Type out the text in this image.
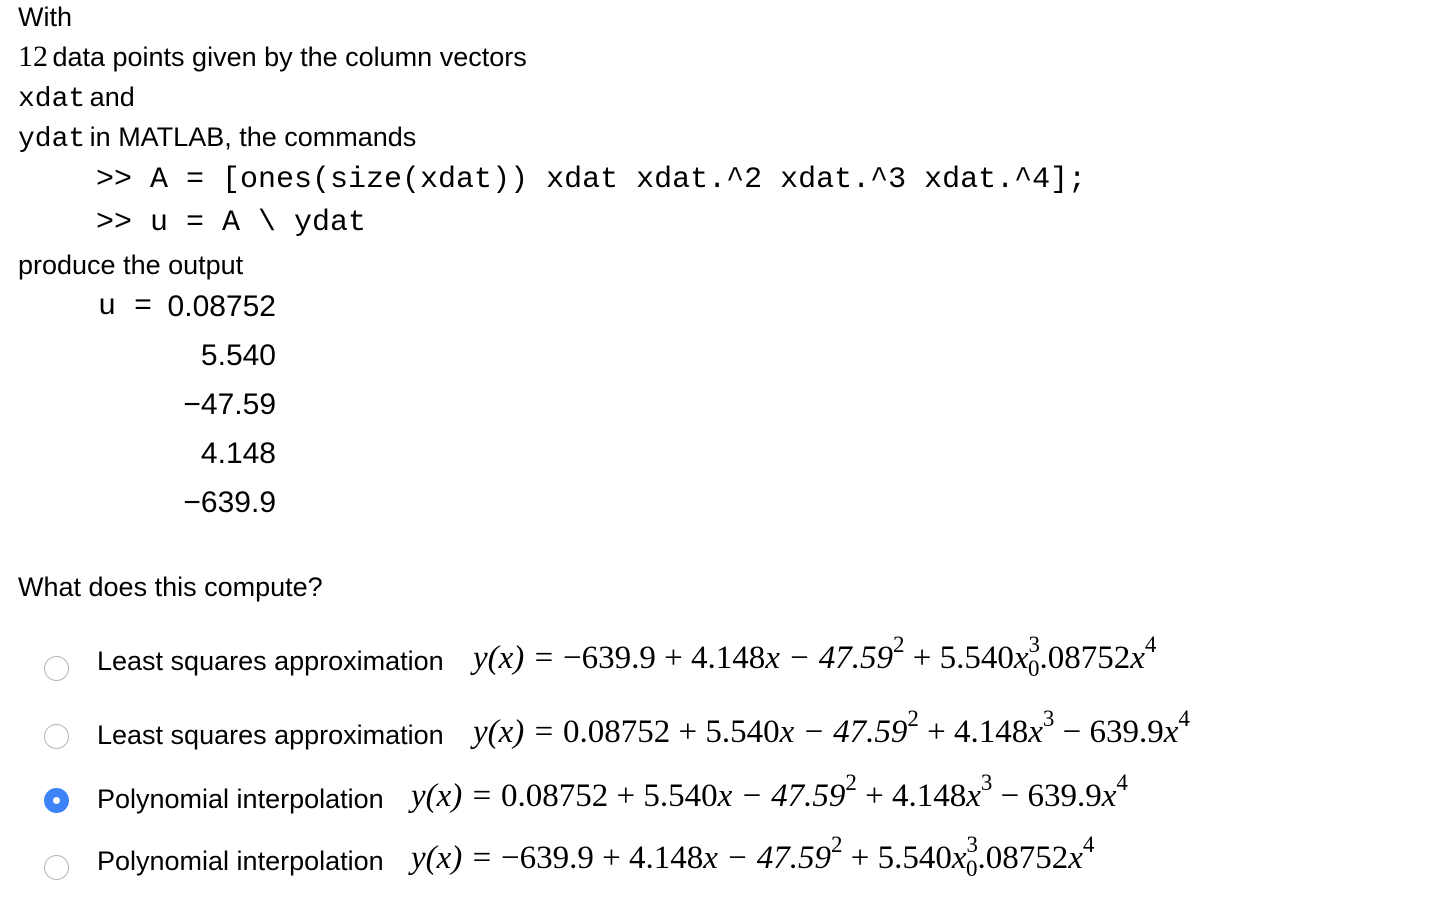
With
12 data points given by the column vectors
xdat and
ydat in MATLAB, the commands
>> A = [ones(size(xdat)) xdat xdat.^2 xdat.^3 xdat.^4];
>> u = A \ ydat
produce the output
u = 0.08752
5.540
−47.59
4.148
−639.9
What does this compute?
Least squares approximation $y(x) = -639.9 + 4.148x - 47.59^2 + 5.540x^3_0.08752x^4$
Least squares approximation $y(x) = 0.08752 + 5.540x - 47.59^2 + 4.148x^3 - 639.9x^4$
Polynomial interpolation $y(x) = 0.08752 + 5.540x - 47.59^2 + 4.148x^3 - 639.9x^4$
Polynomial interpolation $y(x) = -639.9 + 4.148x - 47.59^2 + 5.540x^3_0.08752x^4$
